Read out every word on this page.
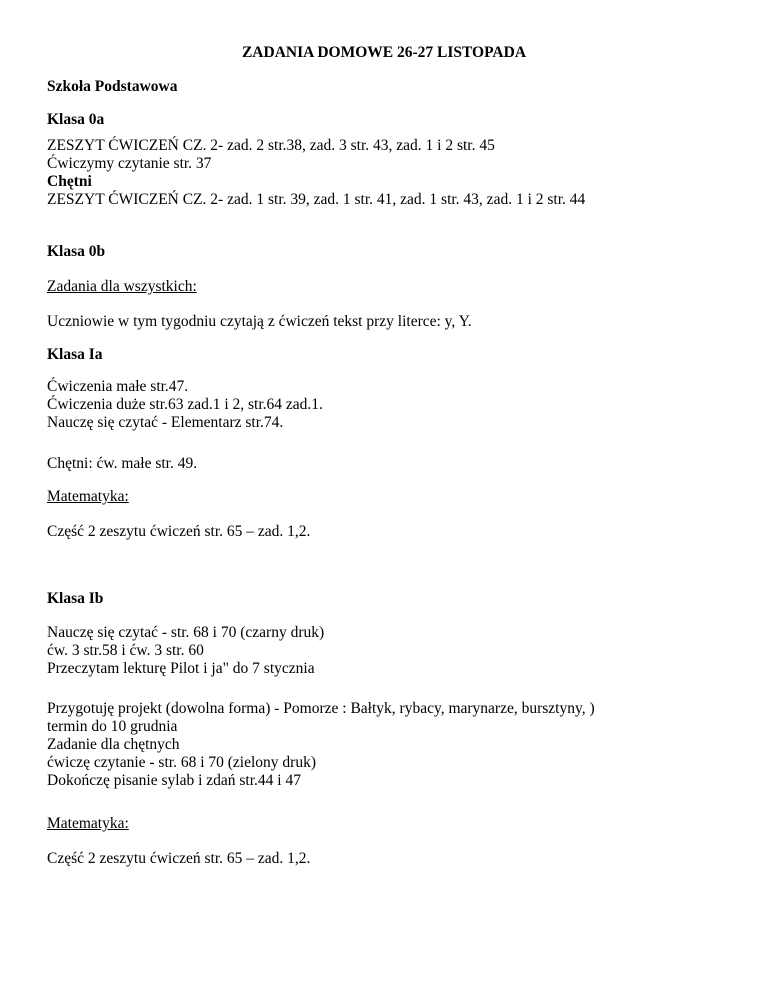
ZADANIA DOMOWE 26-27 LISTOPADA

Szkoła Podstawowa

Klasa 0a

ZESZYT ĆWICZEŃ CZ. 2- zad. 2 str.38, zad. 3 str. 43, zad. 1 i 2 str. 45

Ćwiczymy czytanie str. 37

Chętni

ZESZYT ĆWICZEŃ CZ. 2- zad. 1 str. 39, zad. 1 str. 41, zad. 1 str. 43, zad. 1 i 2 str. 44

Klasa 0b

Zadania dla wszystkich:

Uczniowie w tym tygodniu czytają z ćwiczeń tekst przy literce: y, Y.

Klasa Ia

Ćwiczenia małe str.47.

Ćwiczenia duże str.63 zad.1 i 2, str.64 zad.1.

Nauczę się czytać - Elementarz str.74.

Chętni: ćw. małe str. 49.

Matematyka:

Część 2 zeszytu ćwiczeń str. 65 – zad. 1,2.

Klasa Ib

Nauczę się czytać - str. 68 i 70 (czarny druk)

ćw. 3 str.58 i ćw. 3 str. 60

Przeczytam lekturę Pilot i ja" do 7 stycznia

Przygotuję projekt (dowolna forma) - Pomorze : Bałtyk, rybacy, marynarze, bursztyny, )

termin do 10 grudnia

Zadanie dla chętnych

ćwiczę czytanie - str. 68 i 70 (zielony druk)

Dokończę pisanie sylab i zdań str.44 i 47

Matematyka:

Część 2 zeszytu ćwiczeń str. 65 – zad. 1,2.
